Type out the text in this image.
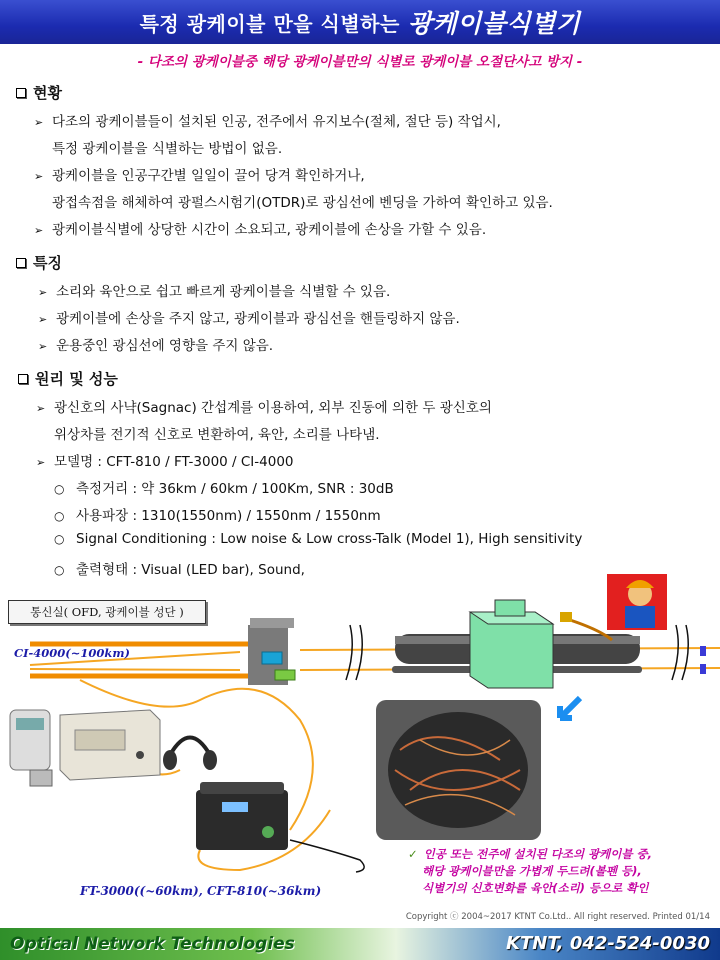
특정 광케이블 만을 식별하는 광케이블식별기
- 다조의 광케이블중 해당 광케이블만의 식별로 광케이블 오절단사고 방지 -
현황
➢ 다조의 광케이블들이 설치된 인공, 전주에서 유지보수(절체, 절단 등) 작업시,
특정 광케이블을 식별하는 방법이 없음.
➢ 광케이블을 인공구간별 일일이 끌어 당겨 확인하거나,
광접속점을 해체하여 광펄스시험기(OTDR)로 광심선에 벤딩을 가하여 확인하고 있음.
➢ 광케이블식별에 상당한 시간이 소요되고, 광케이블에 손상을 가할 수 있음.
특징
➢ 소리와 육안으로 쉽고 빠르게 광케이블을 식별할 수 있음.
➢ 광케이블에 손상을 주지 않고, 광케이블과 광심선을 핸들링하지 않음.
➢ 운용중인 광심선에 영향을 주지 않음.
원리 및 성능
➢ 광신호의 사냑(Sagnac) 간섭계를 이용하여, 외부 진동에 의한 두 광신호의
위상차를 전기적 신호로 변환하여, 육안, 소리를 나타냄.
➢ 모델명 : CFT-810 / FT-3000 / CI-4000
○ 측정거리 : 약 36km / 60km / 100Km, SNR : 30dB
○ 사용파장 : 1310(1550nm) / 1550nm / 1550nm
○ Signal Conditioning : Low noise & Low cross-Talk (Model 1), High sensitivity
○ 출력형태 : Visual (LED bar), Sound,
통신실( OFD, 광케이블 성단 )
CI-4000(~100km)
FT-3000((~60km), CFT-810(~36km)
✓ 인공 또는 전주에 설치된 다조의 광케이블 중,
해당 광케이블만을 가볍게 두드려(볼펜 등),
식별기의 신호변화를 육안(소리) 등으로 확인
Copyright ⓒ 2004~2017 KTNT Co.Ltd.. All right reserved. Printed 01/14
Optical Network Technologies	KTNT, 042-524-0030
